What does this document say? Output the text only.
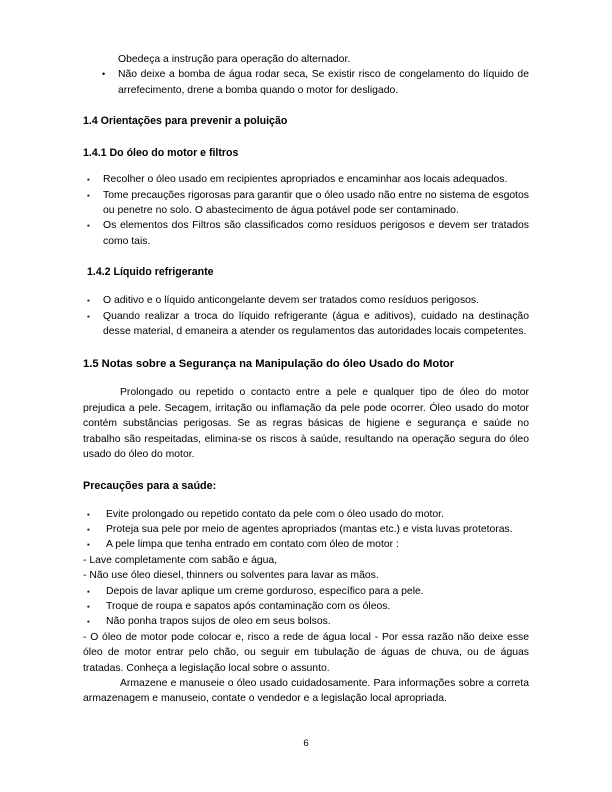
Obedeça a instrução para operação do alternador.
• Não deixe a bomba de água rodar seca, Se existir risco de congelamento do líquido de arrefecimento, drene a bomba quando o motor for desligado.
1.4 Orientações para prevenir a poluição
1.4.1 Do óleo do motor e filtros
▪ Recolher o óleo usado em recipientes apropriados e encaminhar aos locais adequados.
▪ Tome precauções rigorosas para garantir que o óleo usado não entre no sistema de esgotos ou penetre no solo. O abastecimento de água potável pode ser contaminado.
▪ Os elementos dos Filtros são classificados como resíduos perigosos e devem ser tratados como tais.
1.4.2 Líquido refrigerante
▪ O aditivo e o líquido anticongelante devem ser tratados como resíduos perigosos.
▪ Quando realizar a troca do líquido refrigerante (água e aditivos), cuidado na destinação desse material, d emaneira a atender os regulamentos das autoridades locais competentes.
1.5 Notas sobre a Segurança na Manipulação do óleo Usado do Motor

Prolongado ou repetido o contacto entre a pele e qualquer tipo de óleo do motor prejudica a pele. Secagem, irritação ou inflamação da pele pode ocorrer. Óleo usado do motor contém substâncias perigosas. Se as regras básicas de higiene e segurança e saúde no trabalho são respeitadas, elimina-se os riscos à saúde, resultando na operação segura do óleo usado do óleo do motor.

Precauções para a saúde:
▪ Evite prolongado ou repetido contato da pele com o óleo usado do motor.
▪ Proteja sua pele por meio de agentes apropriados (mantas etc.) e vista luvas protetoras.
▪ A pele limpa que tenha entrado em contato com óleo de motor :

- Lave completamente com sabão e água,

- Não use óleo diesel, thinners ou solventes para lavar as mãos.

▪ Depois de lavar aplique um creme gorduroso, específico para a pele.
▪ Troque de roupa e sapatos após contaminação com os óleos.
▪ Não ponha trapos sujos de oleo em seus bolsos.

- O óleo de motor pode colocar e, risco a rede de água local - Por essa razão não deixe esse óleo de motor entrar pelo chão, ou seguir em tubulação de águas de chuva, ou de águas tratadas. Conheça a legislação local sobre o assunto.

Armazene e manuseie o óleo usado cuidadosamente. Para informações sobre a correta armazenagem e manuseio, contate o vendedor e a legislação local apropriada.

6
